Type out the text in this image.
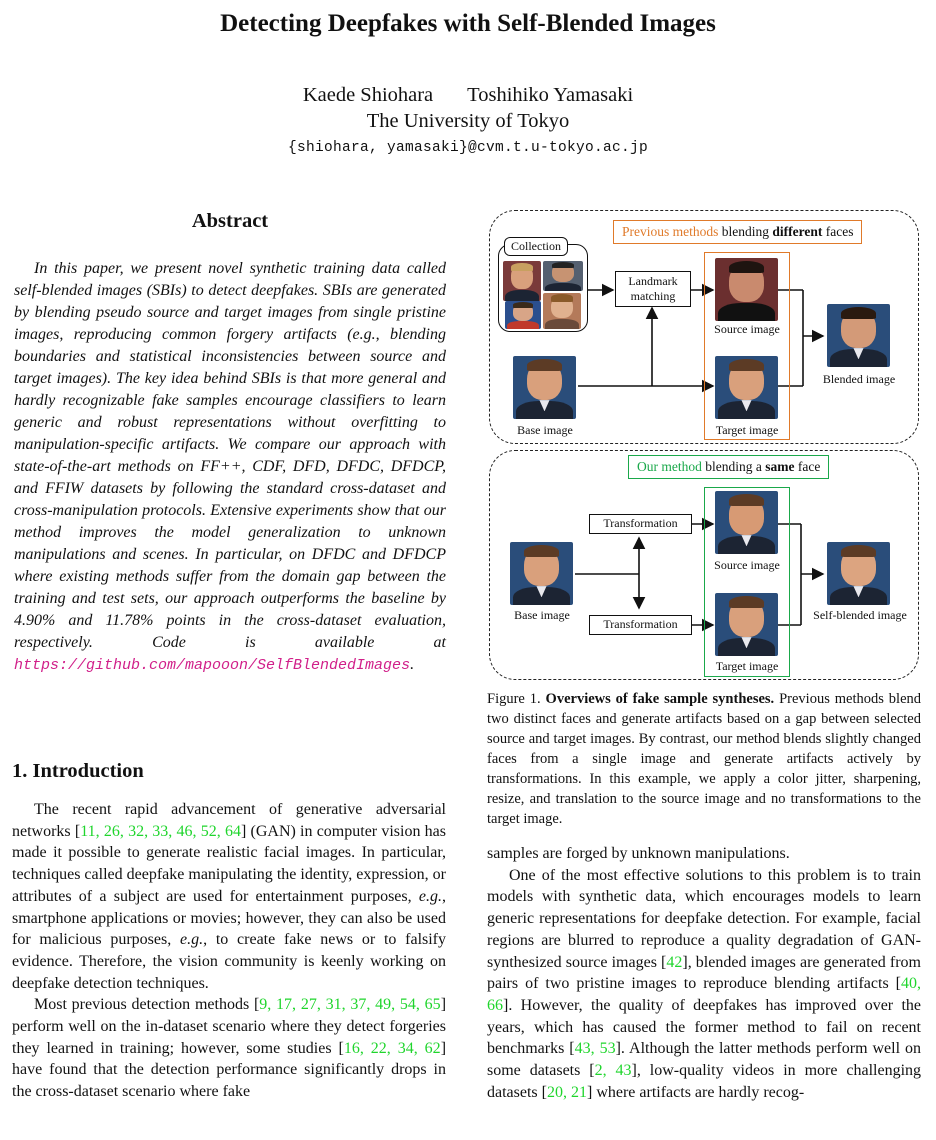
Detecting Deepfakes with Self-Blended Images
Kaede Shiohara Toshihiko Yamasaki
The University of Tokyo
{shiohara, yamasaki}@cvm.t.u-tokyo.ac.jp
Abstract
In this paper, we present novel synthetic training data called self-blended images (SBIs) to detect deepfakes. SBIs are generated by blending pseudo source and target images from single pristine images, reproducing common forgery artifacts (e.g., blending boundaries and statistical inconsistencies between source and target images). The key idea behind SBIs is that more general and hardly recognizable fake samples encourage classifiers to learn generic and robust representations without overfitting to manipulation-specific artifacts. We compare our approach with state-of-the-art methods on FF++, CDF, DFD, DFDC, DFDCP, and FFIW datasets by following the standard cross-dataset and cross-manipulation protocols. Extensive experiments show that our method improves the model generalization to unknown manipulations and scenes. In particular, on DFDC and DFDCP where existing methods suffer from the domain gap between the training and test sets, our approach outperforms the baseline by 4.90% and 11.78% points in the cross-dataset evaluation, respectively. Code is available at https://github.com/mapooon/SelfBlendedImages.
1. Introduction

The recent rapid advancement of generative adversarial networks [11, 26, 32, 33, 46, 52, 64] (GAN) in computer vision has made it possible to generate realistic facial images. In particular, techniques called deepfake manipulating the identity, expression, or attributes of a subject are used for entertainment purposes, e.g., smartphone applications or movies; however, they can also be used for malicious purposes, e.g., to create fake news or to falsify evidence. Therefore, the vision community is keenly working on deepfake detection techniques.

Most previous detection methods [9, 17, 27, 31, 37, 49, 54, 65] perform well on the in-dataset scenario where they detect forgeries they learned in training; however, some studies [16, 22, 34, 62] have found that the detection performance significantly drops in the cross-dataset scenario where fake

samples are forged by unknown manipulations.

One of the most effective solutions to this problem is to train models with synthetic data, which encourages models to learn generic representations for deepfake detection. For example, facial regions are blurred to reproduce a quality degradation of GAN-synthesized source images [42], blended images are generated from pairs of two pristine images to reproduce blending artifacts [40, 66]. However, the quality of deepfakes has improved over the years, which has caused the former method to fail on recent benchmarks [43, 53]. Although the latter methods perform well on some datasets [2, 43], low-quality videos in more challenging datasets [20, 21] where artifacts are hardly recog-

Previous methods blending different faces
Collection
Landmark
matching
Source image
Target image
Base image
Blended image
Our method blending a same face
Base image
Transformation
Transformation
Source image
Target image
Self-blended image
Figure 1. Overviews of fake sample syntheses. Previous methods blend two distinct faces and generate artifacts based on a gap between selected source and target images. By contrast, our method blends slightly changed faces from a single image and generate artifacts actively by transformations. In this example, we apply a color jitter, sharpening, resize, and translation to the source image and no transformations to the target image.
